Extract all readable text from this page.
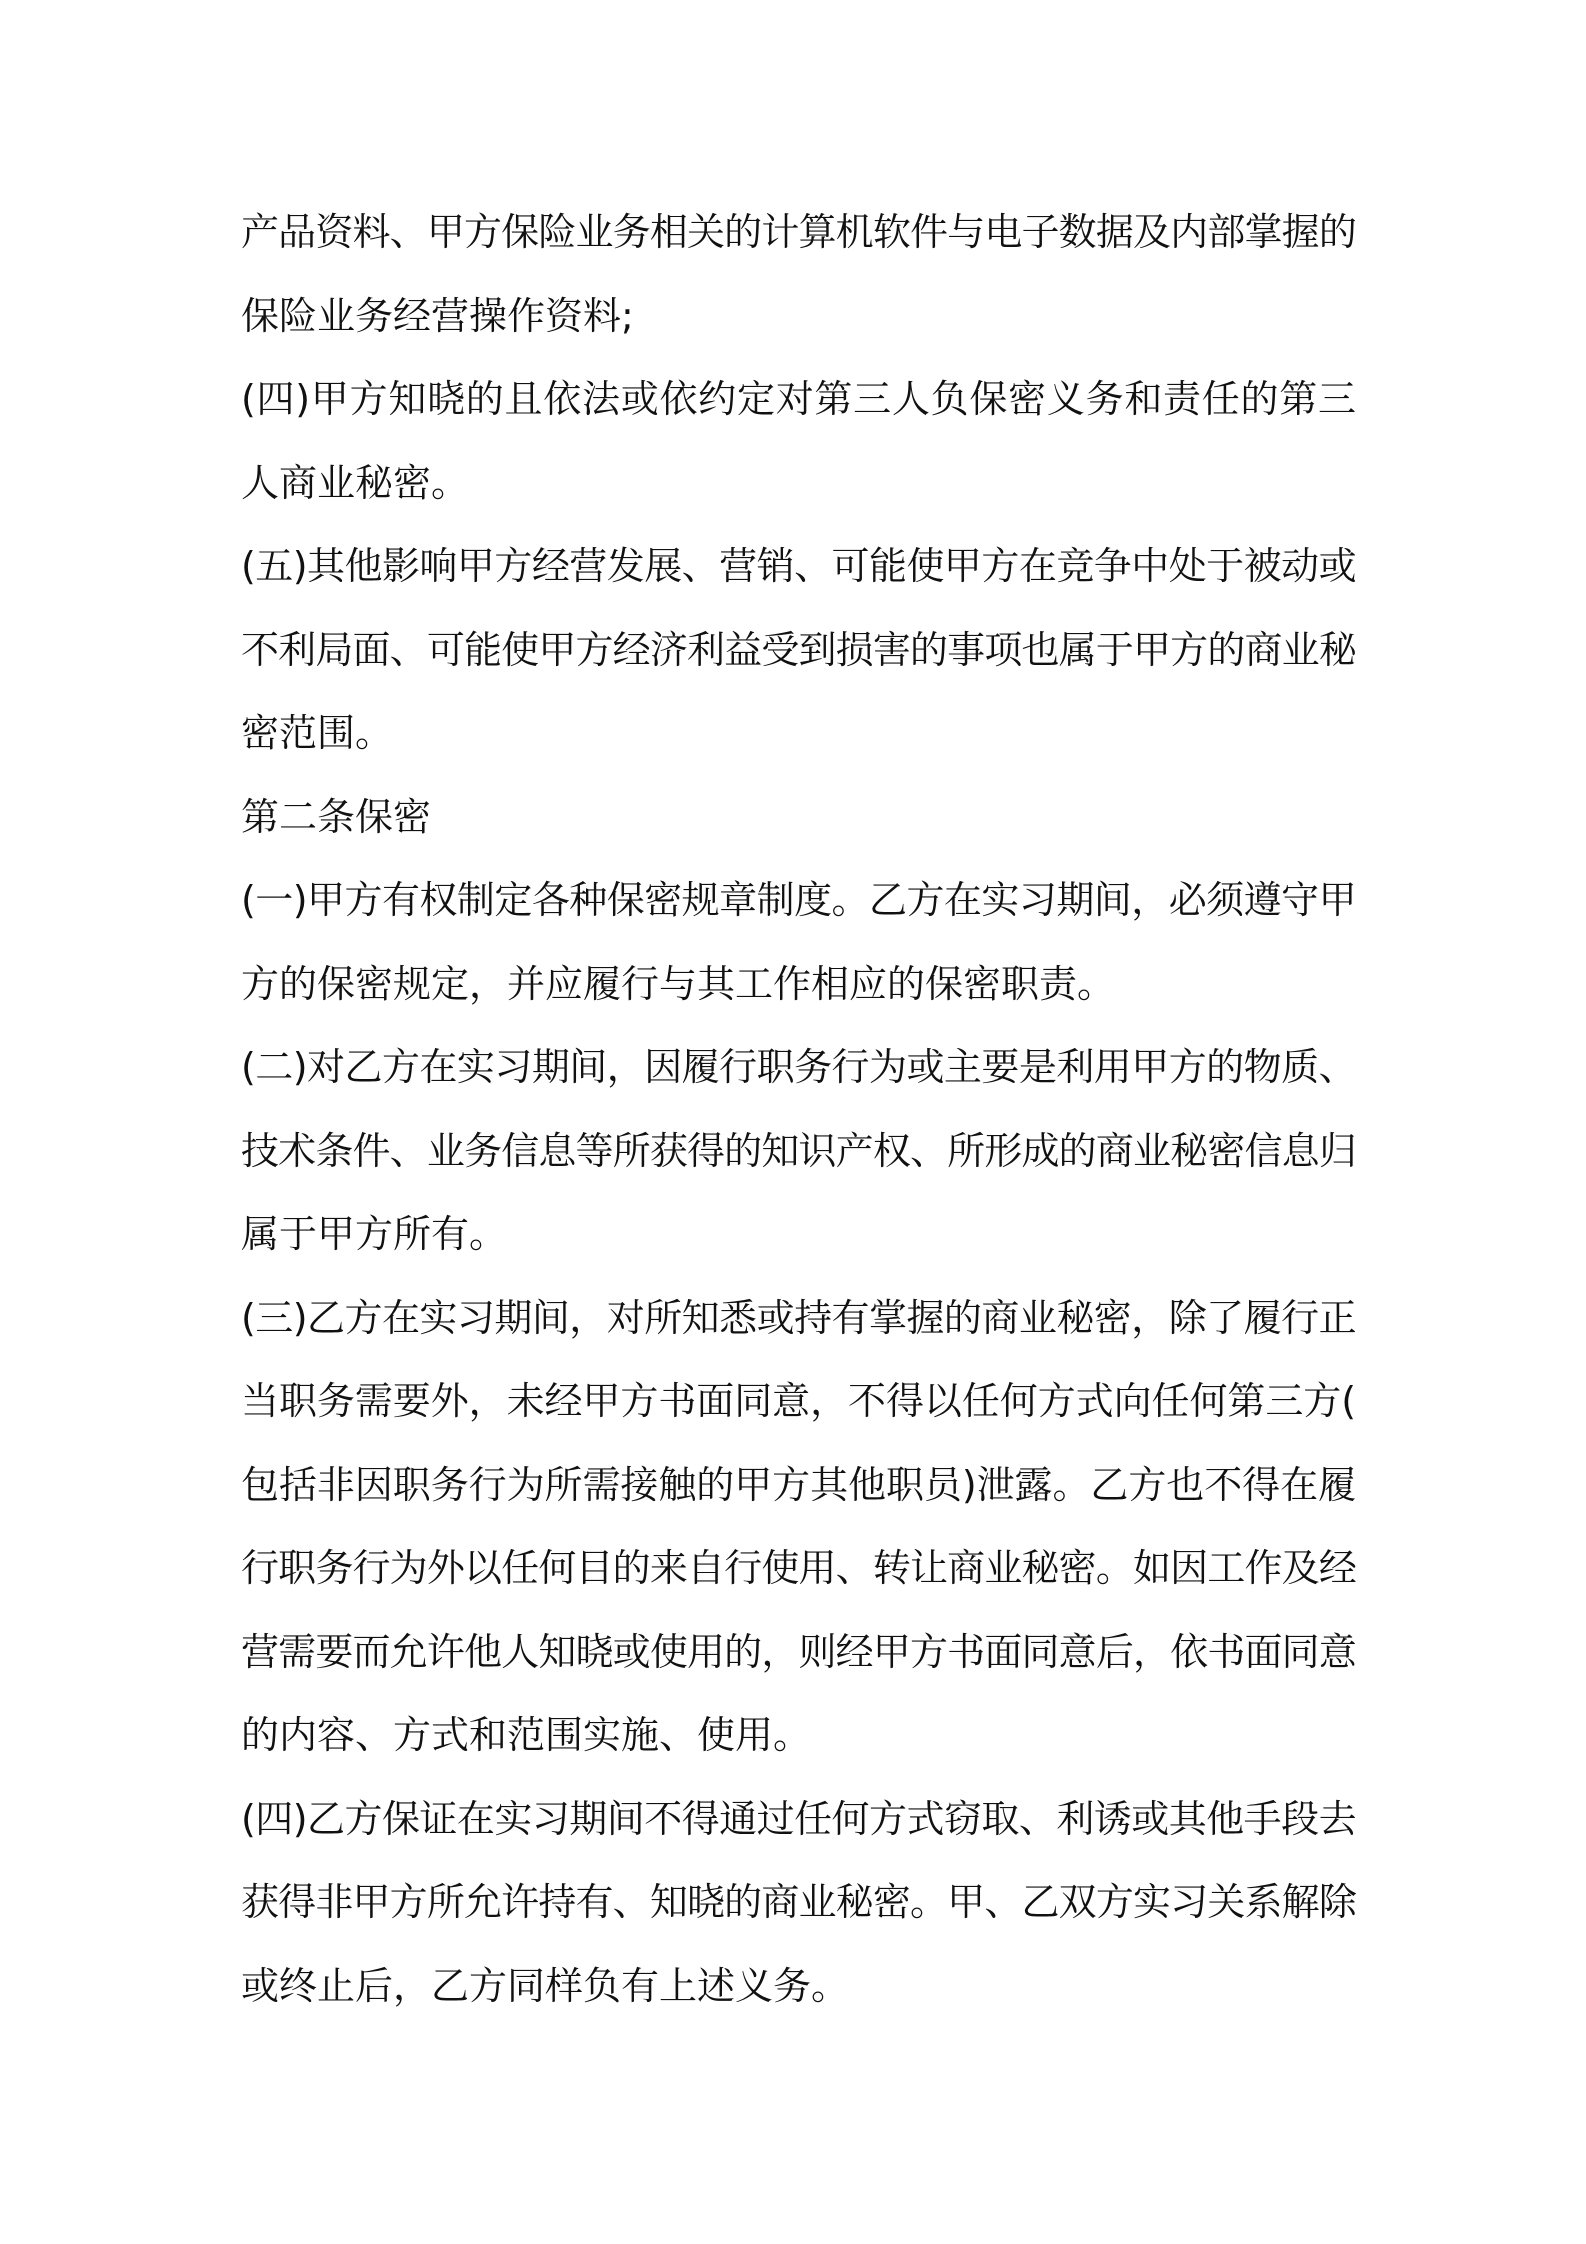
产品资料、甲方保险业务相关的计算机软件与电子数据及内部掌握的
保险业务经营操作资料;
(四)甲方知晓的且依法或依约定对第三人负保密义务和责任的第三
人商业秘密。
(五)其他影响甲方经营发展、营销、可能使甲方在竞争中处于被动或
不利局面、可能使甲方经济利益受到损害的事项也属于甲方的商业秘
密范围。
第二条保密
(一)甲方有权制定各种保密规章制度。乙方在实习期间，必须遵守甲
方的保密规定，并应履行与其工作相应的保密职责。
(二)对乙方在实习期间，因履行职务行为或主要是利用甲方的物质、
技术条件、业务信息等所获得的知识产权、所形成的商业秘密信息归
属于甲方所有。
(三)乙方在实习期间，对所知悉或持有掌握的商业秘密，除了履行正
当职务需要外，未经甲方书面同意，不得以任何方式向任何第三方(
包括非因职务行为所需接触的甲方其他职员)泄露。乙方也不得在履
行职务行为外以任何目的来自行使用、转让商业秘密。如因工作及经
营需要而允许他人知晓或使用的，则经甲方书面同意后，依书面同意
的内容、方式和范围实施、使用。
(四)乙方保证在实习期间不得通过任何方式窃取、利诱或其他手段去
获得非甲方所允许持有、知晓的商业秘密。甲、乙双方实习关系解除
或终止后，乙方同样负有上述义务。
